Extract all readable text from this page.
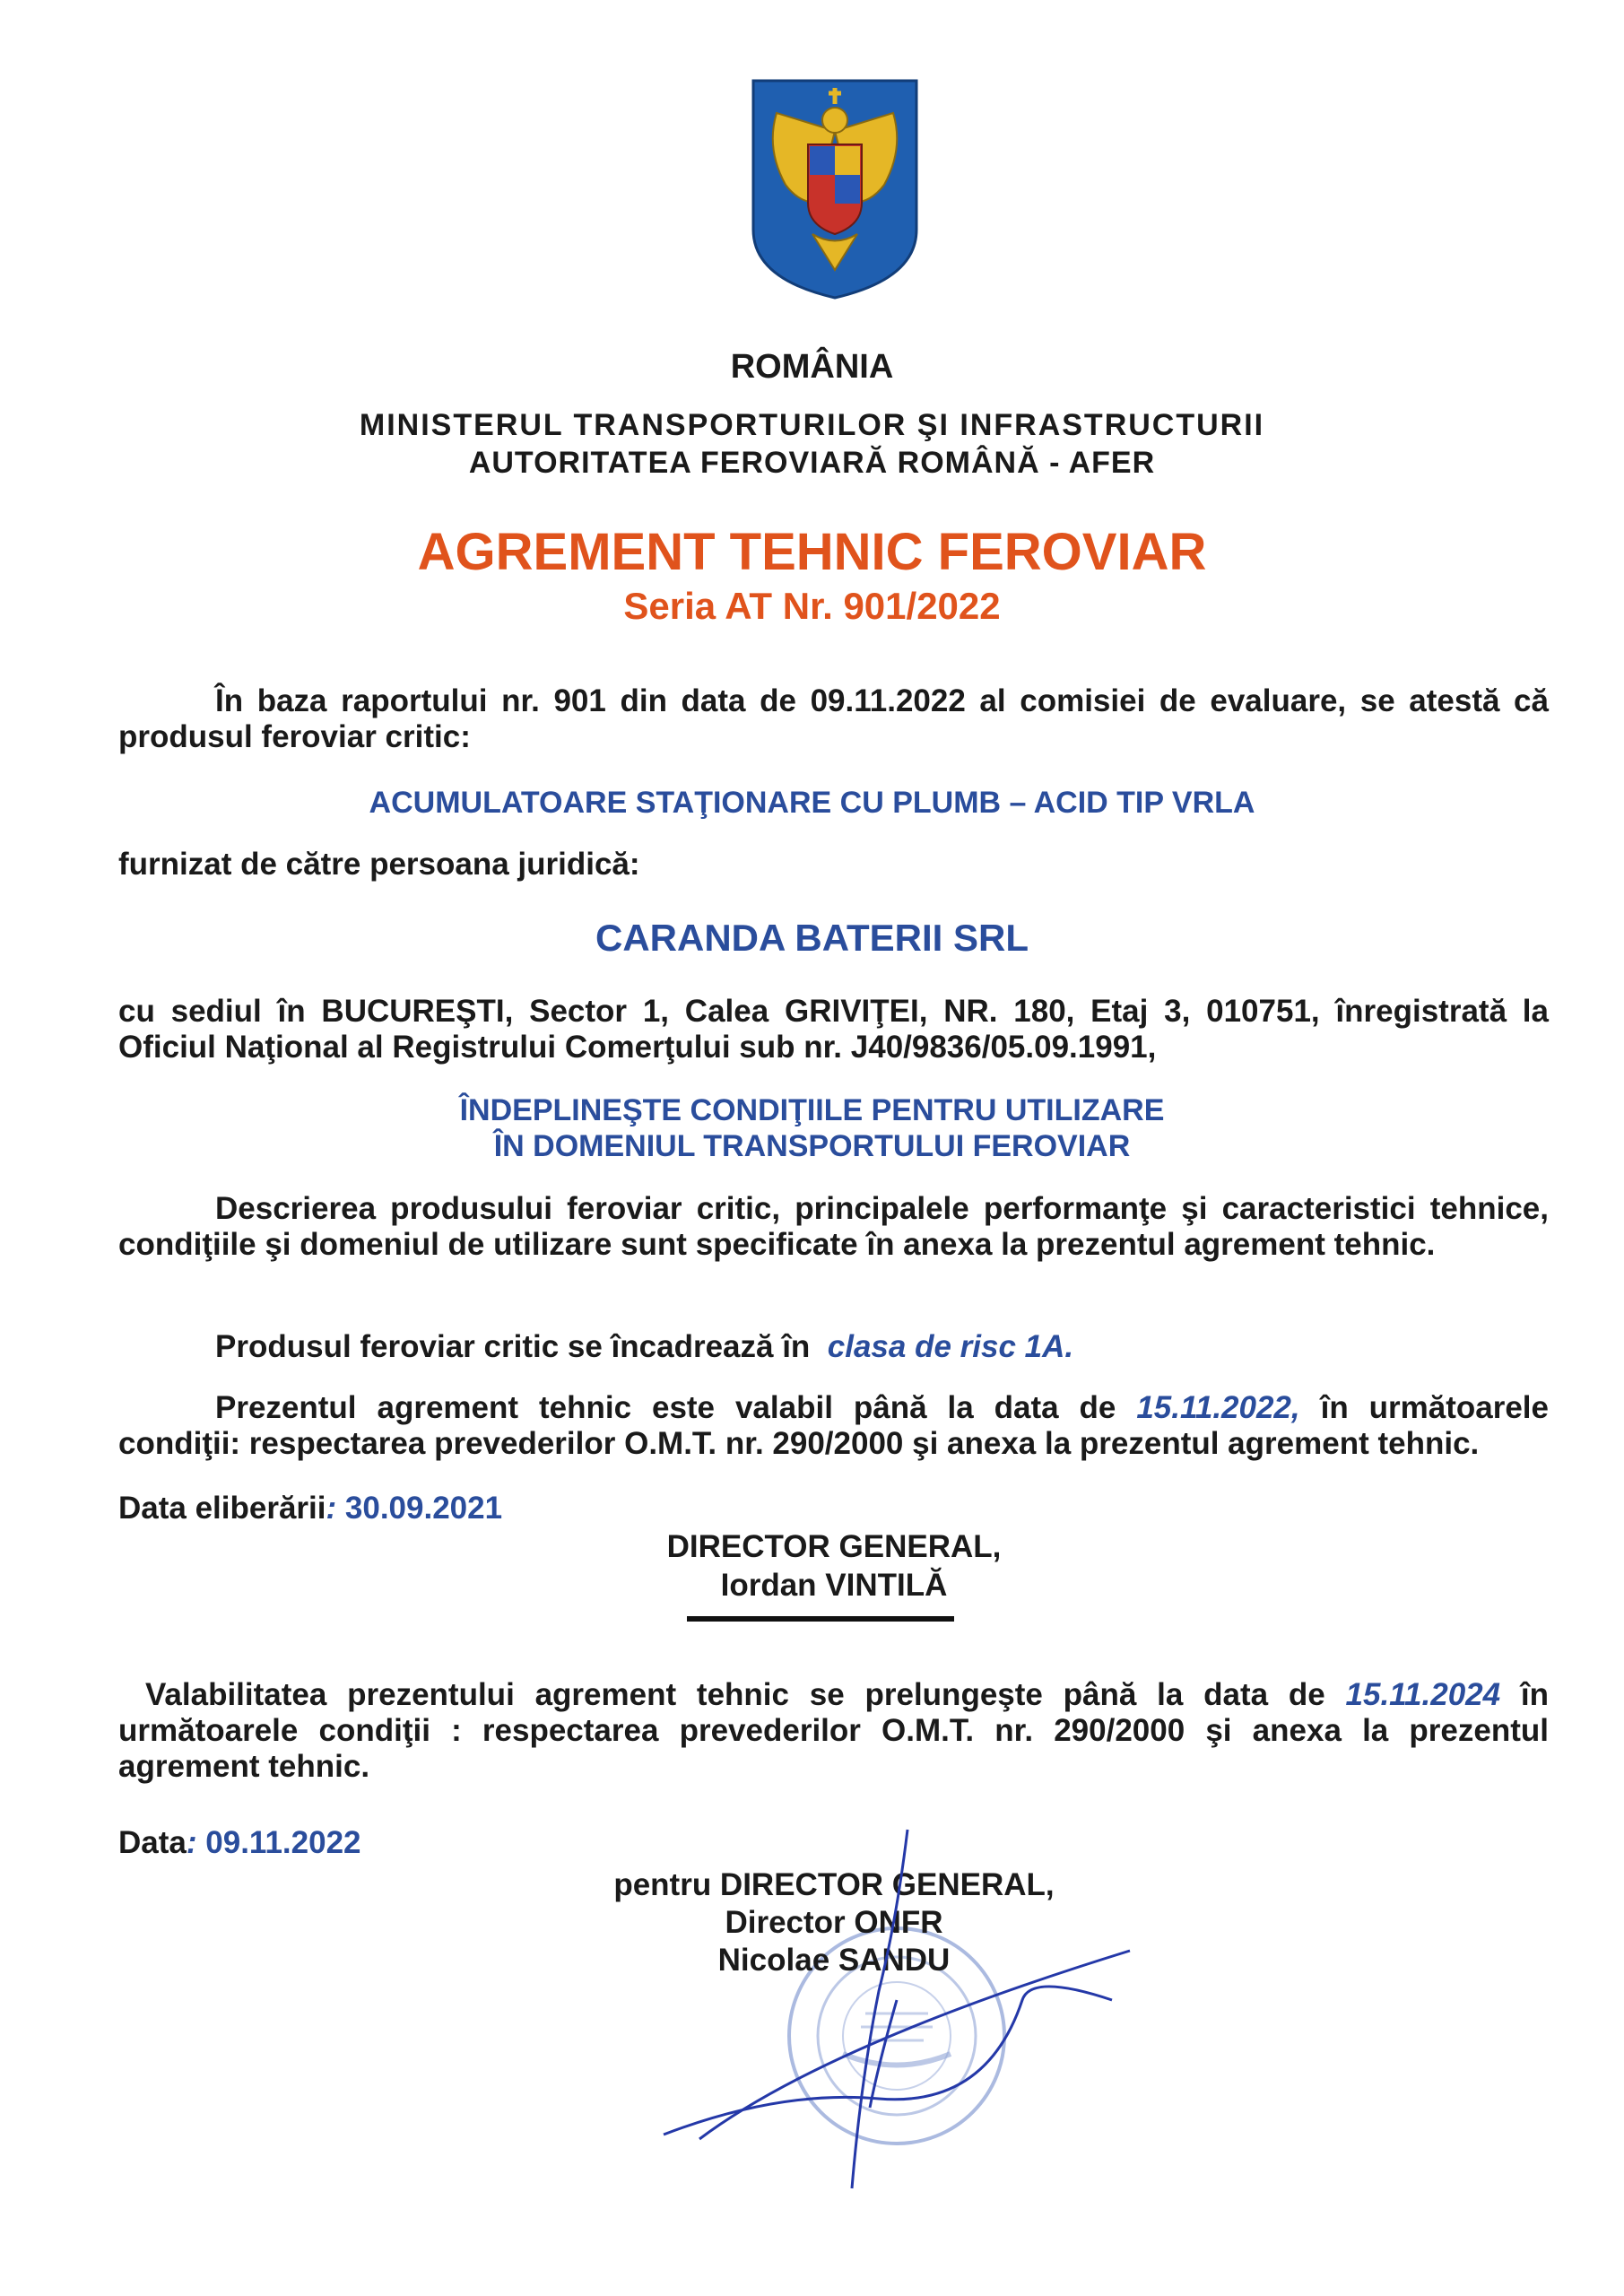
ROMÂNIA
MINISTERUL TRANSPORTURILOR ŞI INFRASTRUCTURII
AUTORITATEA FEROVIARĂ ROMÂNĂ - AFER
AGREMENT TEHNIC FEROVIAR
Seria AT Nr. 901/2022
În baza raportului nr. 901 din data de 09.11.2022 al comisiei de evaluare, se atestă că produsul feroviar critic:
ACUMULATOARE STAŢIONARE CU PLUMB – ACID TIP VRLA
furnizat de către persoana juridică:
CARANDA BATERII SRL
cu sediul în BUCUREŞTI, Sector 1, Calea GRIVIŢEI, NR. 180, Etaj 3, 010751, înregistrată la Oficiul Naţional al Registrului Comerţului sub nr. J40/9836/05.09.1991,
ÎNDEPLINEŞTE CONDIŢIILE PENTRU UTILIZARE
ÎN DOMENIUL TRANSPORTULUI FEROVIAR
Descrierea produsului feroviar critic, principalele performanţe şi caracteristici tehnice, condiţiile şi domeniul de utilizare sunt specificate în anexa la prezentul agrement tehnic.
Produsul feroviar critic se încadrează în clasa de risc 1A.
Prezentul agrement tehnic este valabil până la data de 15.11.2022, în următoarele condiţii: respectarea prevederilor O.M.T. nr. 290/2000 şi anexa la prezentul agrement tehnic.
Data eliberării: 30.09.2021
DIRECTOR GENERAL,
Iordan VINTILĂ
Valabilitatea prezentului agrement tehnic se prelungeşte până la data de 15.11.2024 în următoarele condiţii : respectarea prevederilor O.M.T. nr. 290/2000 şi anexa la prezentul agrement tehnic.
Data: 09.11.2022
pentru DIRECTOR GENERAL,
Director ONFR
Nicolae SANDU
